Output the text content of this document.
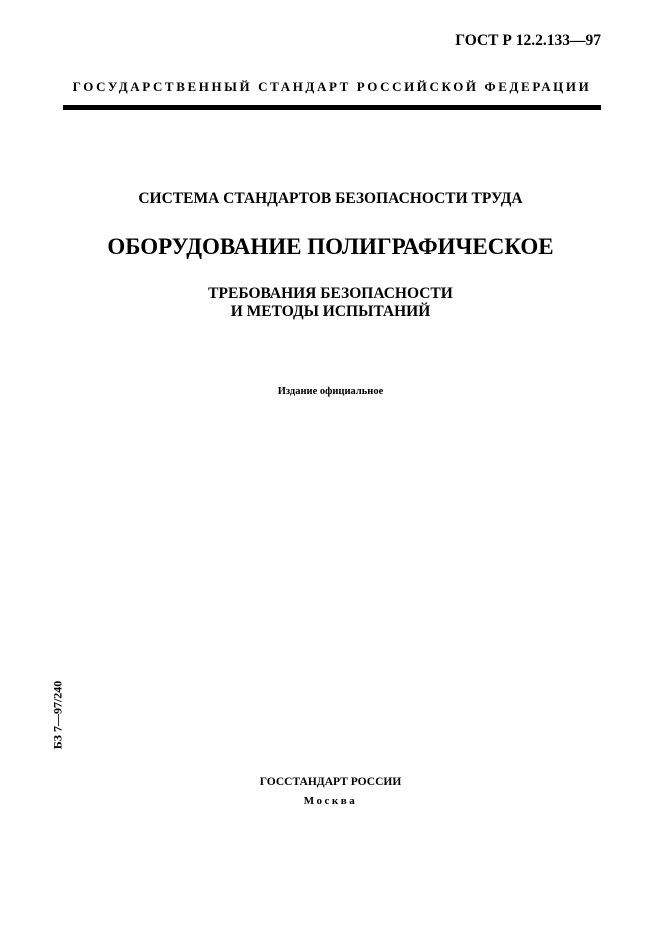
ГОСТ Р 12.2.133—97
ГОСУДАРСТВЕННЫЙ СТАНДАРТ РОССИЙСКОЙ ФЕДЕРАЦИИ
СИСТЕМА СТАНДАРТОВ БЕЗОПАСНОСТИ ТРУДА
ОБОРУДОВАНИЕ ПОЛИГРАФИЧЕСКОЕ
ТРЕБОВАНИЯ БЕЗОПАСНОСТИ
И МЕТОДЫ ИСПЫТАНИЙ
Издание официальное
БЗ 7—97/240
ГОССТАНДАРТ РОССИИ
Москва
